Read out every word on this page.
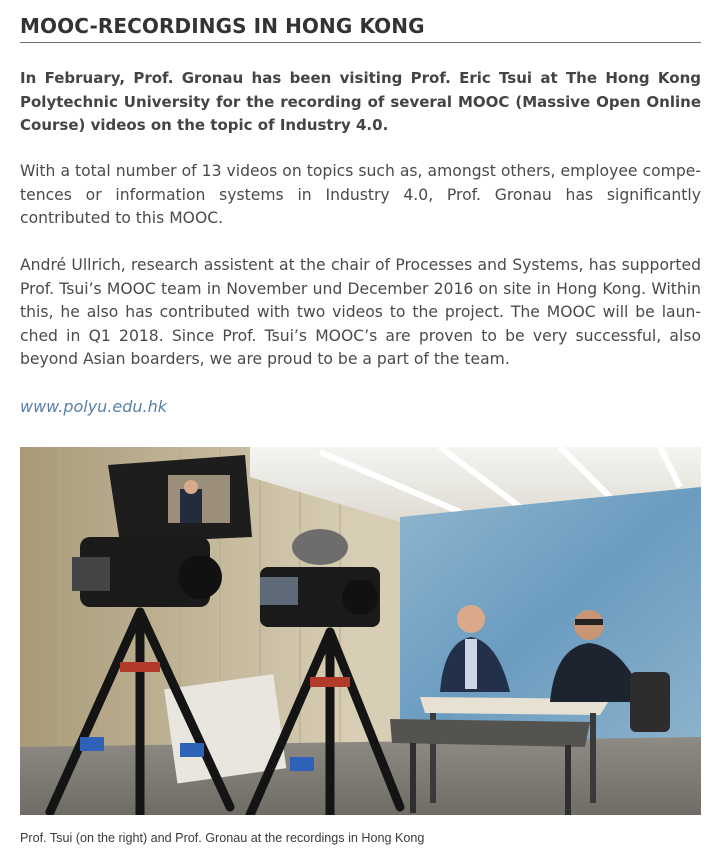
MOOC-RECORDINGS IN HONG KONG

In February, Prof. Gronau has been visiting Prof. Eric Tsui at The Hong Kong Polytechnic University for the recording of several MOOC (Massive Open Online Course) videos on the topic of Industry 4.0.

With a total number of 13 videos on topics such as, amongst others, employee competences or information systems in Industry 4.0, Prof. Gronau has significantly contributed to this MOOC.

André Ullrich, research assistent at the chair of Processes and Systems, has supported Prof. Tsui’s MOOC team in November und December 2016 on site in Hong Kong. Within this, he also has contributed with two videos to the project. The MOOC will be launched in Q1 2018. Since Prof. Tsui’s MOOC’s are proven to be very successful, also beyond Asian boarders, we are proud to be a part of the team.

www.polyu.edu.hk
Prof. Tsui (on the right) and Prof. Gronau at the recordings in Hong Kong
